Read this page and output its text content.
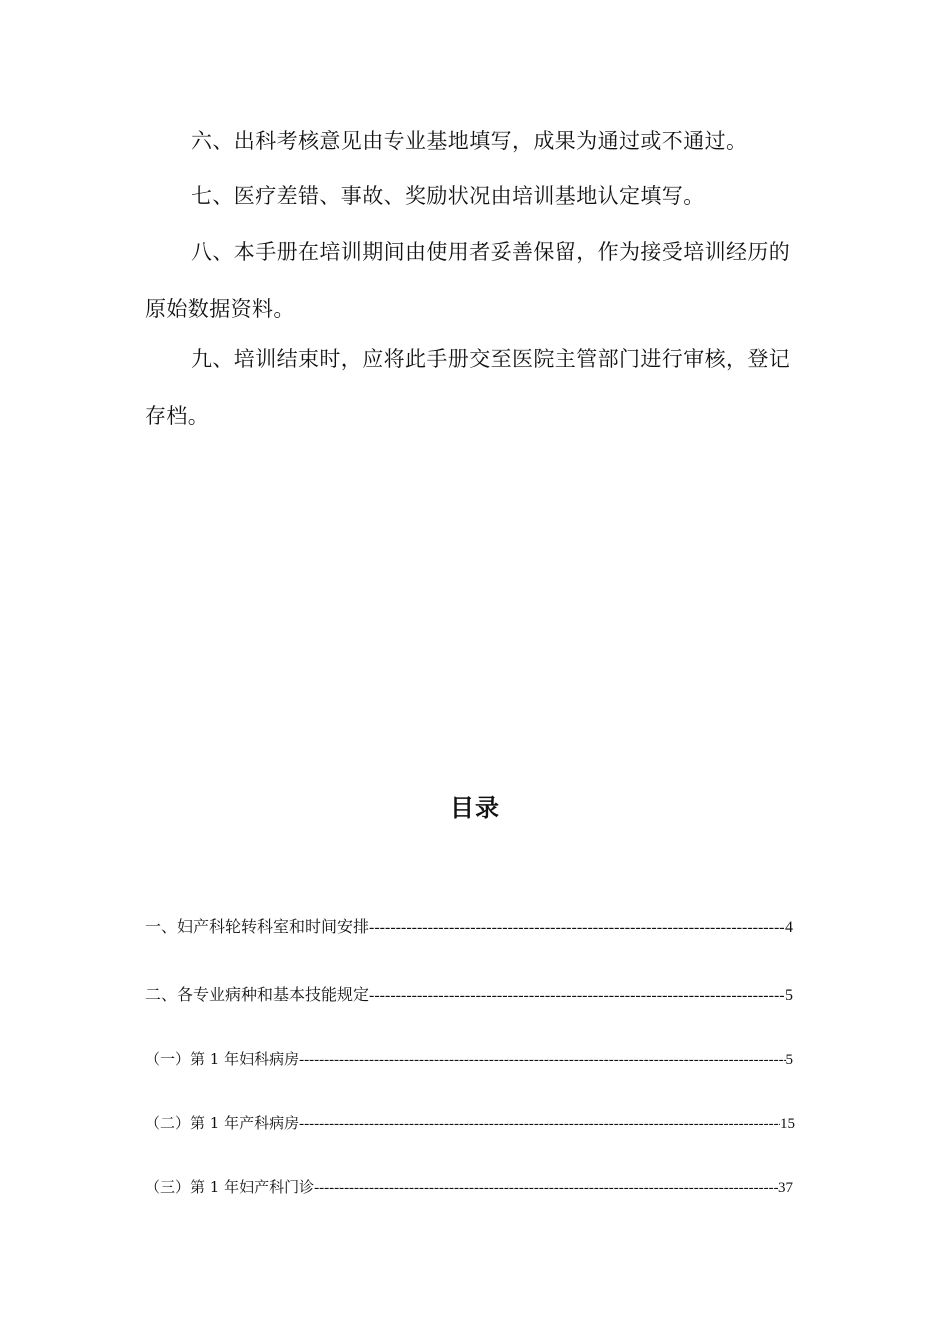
六、出科考核意见由专业基地填写，成果为通过或不通过。

七、医疗差错、事故、奖励状况由培训基地认定填写。

八、本手册在培训期间由使用者妥善保留，作为接受培训经历的原始数据资料。

九、培训结束时，应将此手册交至医院主管部门进行审核，登记存档。

目录
一、妇产科轮转科室和时间安排 -----	4
二、各专业病种和基本技能规定 -----	5
（一）第 1 年妇科病房 -----	5
（二）第 1 年产科病房 -----	15
（三）第 1 年妇产科门诊 -----	37
